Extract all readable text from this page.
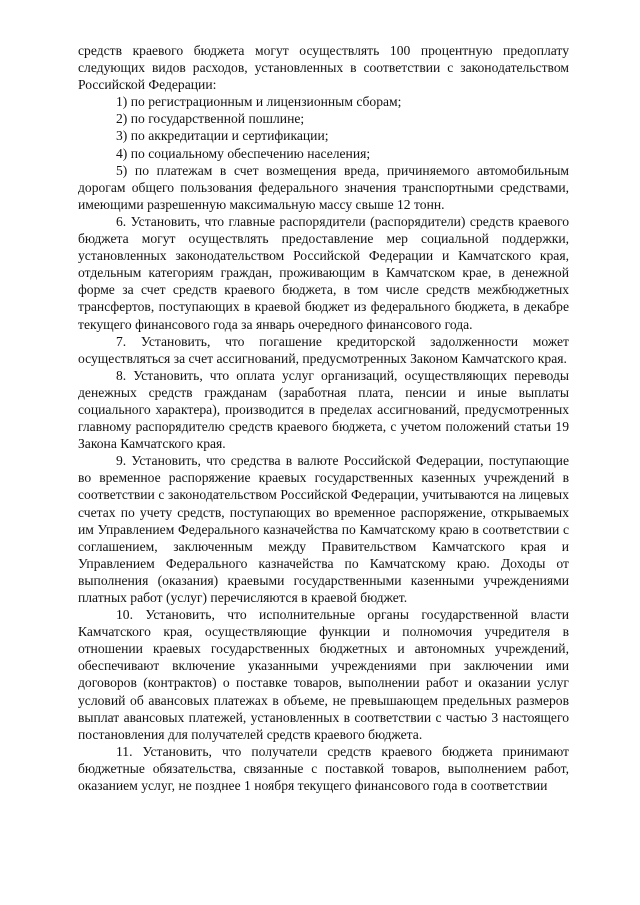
средств краевого бюджета могут осуществлять 100 процентную предоплату следующих видов расходов, установленных в соответствии с законодательством Российской Федерации:

1) по регистрационным и лицензионным сборам;

2) по государственной пошлине;

3) по аккредитации и сертификации;

4) по социальному обеспечению населения;

5) по платежам в счет возмещения вреда, причиняемого автомобильным дорогам общего пользования федерального значения транспортными средствами, имеющими разрешенную максимальную массу свыше 12 тонн.

6. Установить, что главные распорядители (распорядители) средств краевого бюджета могут осуществлять предоставление мер социальной поддержки, установленных законодательством Российской Федерации и Камчатского края, отдельным категориям граждан, проживающим в Камчатском крае, в денежной форме за счет средств краевого бюджета, в том числе средств межбюджетных трансфертов, поступающих в краевой бюджет из федерального бюджета, в декабре текущего финансового года за январь очередного финансового года.

7. Установить, что погашение кредиторской задолженности может осуществляться за счет ассигнований, предусмотренных Законом Камчатского края.

8. Установить, что оплата услуг организаций, осуществляющих переводы денежных средств гражданам (заработная плата, пенсии и иные выплаты социального характера), производится в пределах ассигнований, предусмотренных главному распорядителю средств краевого бюджета, с учетом положений статьи 19 Закона Камчатского края.

9. Установить, что средства в валюте Российской Федерации, поступающие во временное распоряжение краевых государственных казенных учреждений в соответствии с законодательством Российской Федерации, учитываются на лицевых счетах по учету средств, поступающих во временное распоряжение, открываемых им Управлением Федерального казначейства по Камчатскому краю в соответствии с соглашением, заключенным между Правительством Камчатского края и Управлением Федерального казначейства по Камчатскому краю. Доходы от выполнения (оказания) краевыми государственными казенными учреждениями платных работ (услуг) перечисляются в краевой бюджет.

10. Установить, что исполнительные органы государственной власти Камчатского края, осуществляющие функции и полномочия учредителя в отношении краевых государственных бюджетных и автономных учреждений, обеспечивают включение указанными учреждениями при заключении ими договоров (контрактов) о поставке товаров, выполнении работ и оказании услуг условий об авансовых платежах в объеме, не превышающем предельных размеров выплат авансовых платежей, установленных в соответствии с частью 3 настоящего постановления для получателей средств краевого бюджета.

11. Установить, что получатели средств краевого бюджета принимают бюджетные обязательства, связанные с поставкой товаров, выполнением работ, оказанием услуг, не позднее 1 ноября текущего финансового года в соответствии
